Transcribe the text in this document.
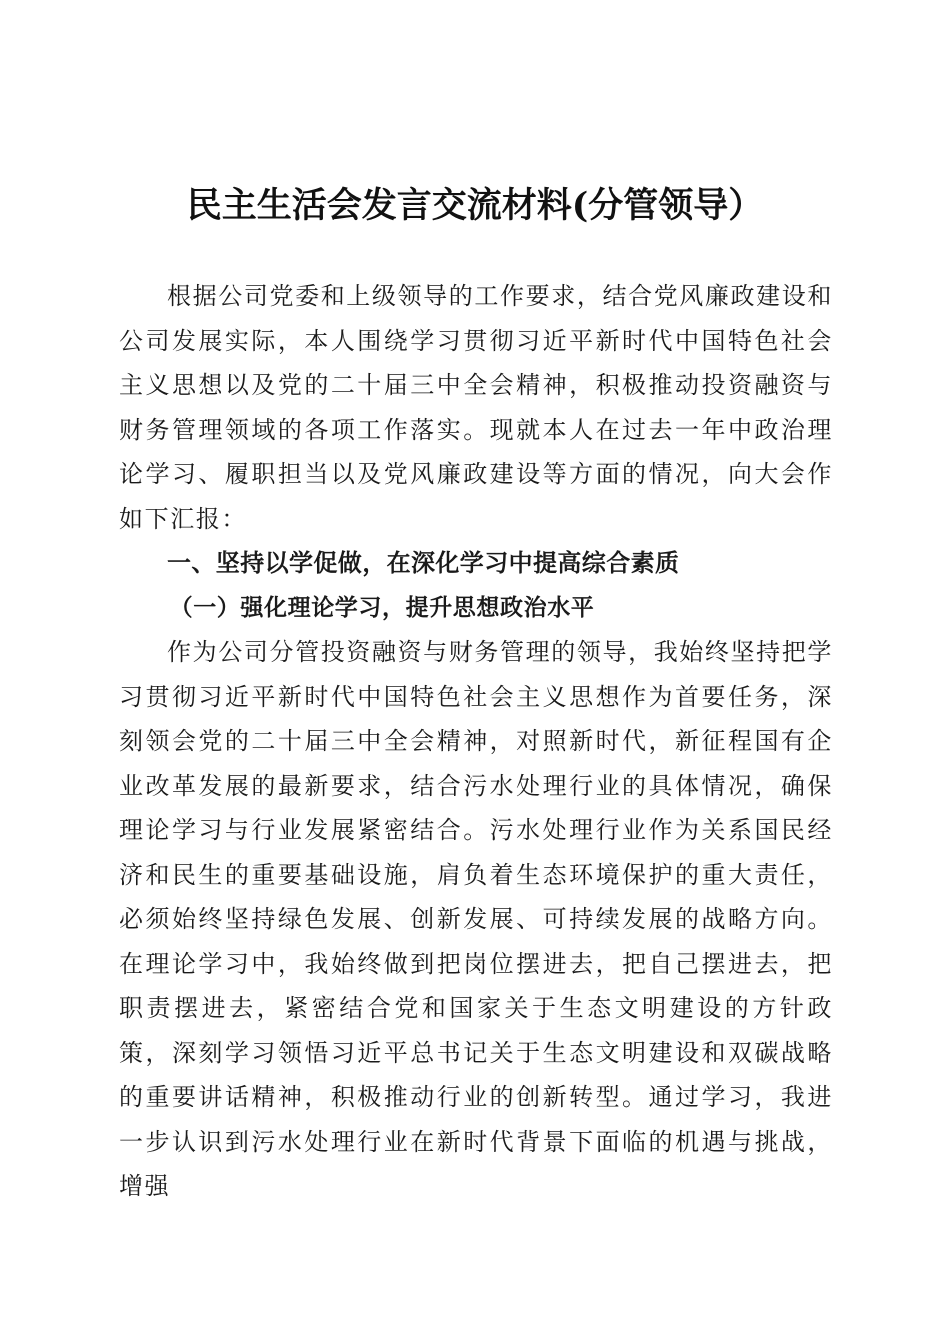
民主生活会发言交流材料(分管领导）

根据公司党委和上级领导的工作要求，结合党风廉政建设和公司发展实际，本人围绕学习贯彻习近平新时代中国特色社会主义思想以及党的二十届三中全会精神，积极推动投资融资与财务管理领域的各项工作落实。现就本人在过去一年中政治理论学习、履职担当以及党风廉政建设等方面的情况，向大会作如下汇报：

一、坚持以学促做，在深化学习中提高综合素质

（一）强化理论学习，提升思想政治水平

作为公司分管投资融资与财务管理的领导，我始终坚持把学习贯彻习近平新时代中国特色社会主义思想作为首要任务，深刻领会党的二十届三中全会精神，对照新时代，新征程国有企业改革发展的最新要求，结合污水处理行业的具体情况，确保理论学习与行业发展紧密结合。污水处理行业作为关系国民经济和民生的重要基础设施，肩负着生态环境保护的重大责任，必须始终坚持绿色发展、创新发展、可持续发展的战略方向。在理论学习中，我始终做到把岗位摆进去，把自己摆进去，把职责摆进去，紧密结合党和国家关于生态文明建设的方针政策，深刻学习领悟习近平总书记关于生态文明建设和双碳战略的重要讲话精神，积极推动行业的创新转型。通过学习，我进一步认识到污水处理行业在新时代背景下面临的机遇与挑战，增强
